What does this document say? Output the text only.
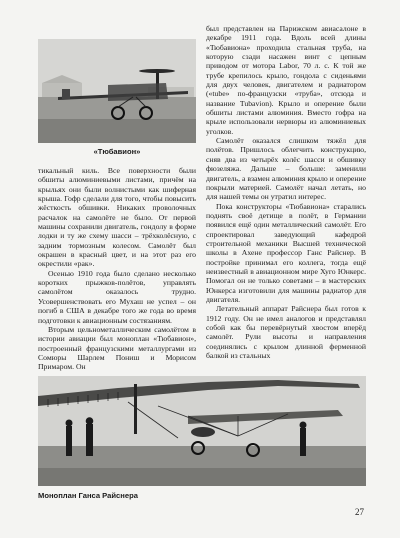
«Тюбавион»

тикальный киль. Все поверхности были обшиты алюминиевыми листами, причём на крыльях они были волнистыми как шиферная крыша. Гофр сделали для того, чтобы повысить жёсткость обшивки. Никаких проволочных расчалок на самолёте не было. От первой машины сохранили двигатель, гондолу в форме лодки и ту же схему шасси – трёхколёсную, с задним тормозным колесом. Самолёт был окрашен в красный цвет, и на этот раз его окрестили «рак».

Осенью 1910 года было сделано несколько коротких прыжков-полётов, управлять самолётом оказалось трудно. Усовершенствовать его Мухаш не успел – он погиб в США в декабре того же года во время подготовки к авиационным состязаниям.

Вторым цельнометаллическим самолётом в истории авиации был моноплан «Тюбавион», построенный французскими металлургами из Сомюры Шарлем Пониш и Морисом Примаром. Он

был представлен на Парижском авиасалоне в декабре 1911 года. Вдоль всей длины «Тюбавиона» проходила стальная труба, на которую сзади насажен винт с цепным приводом от мотора Labor, 70 л. с. К той же трубе крепилось крыло, гондола с сиденьями для двух человек, двигателем и радиатором («tube» по-французски «труба», отсюда и название Tubavion). Крыло и оперение были обшиты листами алюминия. Вместо гофра на крыле использовали нервюры из алюминиевых уголков.

Самолёт оказался слишком тяжёл для полётов. Пришлось облегчить конструкцию, сняв два из четырёх колёс шасси и обшивку фюзеляжа. Дальше – больше: заменили двигатель, а взамен алюминия крыло и оперение покрыли материей. Самолёт начал летать, но для нашей темы он утратил интерес.

Пока конструкторы «Тюбавиона» старались поднять своё детище в полёт, в Германии появился ещё один металлический самолёт. Его спроектировал заведующий кафедрой строительной механики Высшей технической школы в Ахене профессор Ганс Райснер. В постройке принимал его коллега, тогда ещё неизвестный в авиационном мире Хуго Юнкерс. Помогал он не только советами – в мастерских Юнкерса изготовили для машины радиатор для двигателя.

Летательный аппарат Райснера был готов к 1912 году. Он не имел аналогов и представлял собой как бы перевёрнутый хвостом вперёд самолёт. Рули высоты и направления соединялись с крылом длинной ферменной балкой из стальных

Моноплан Ганса Райснера
27
